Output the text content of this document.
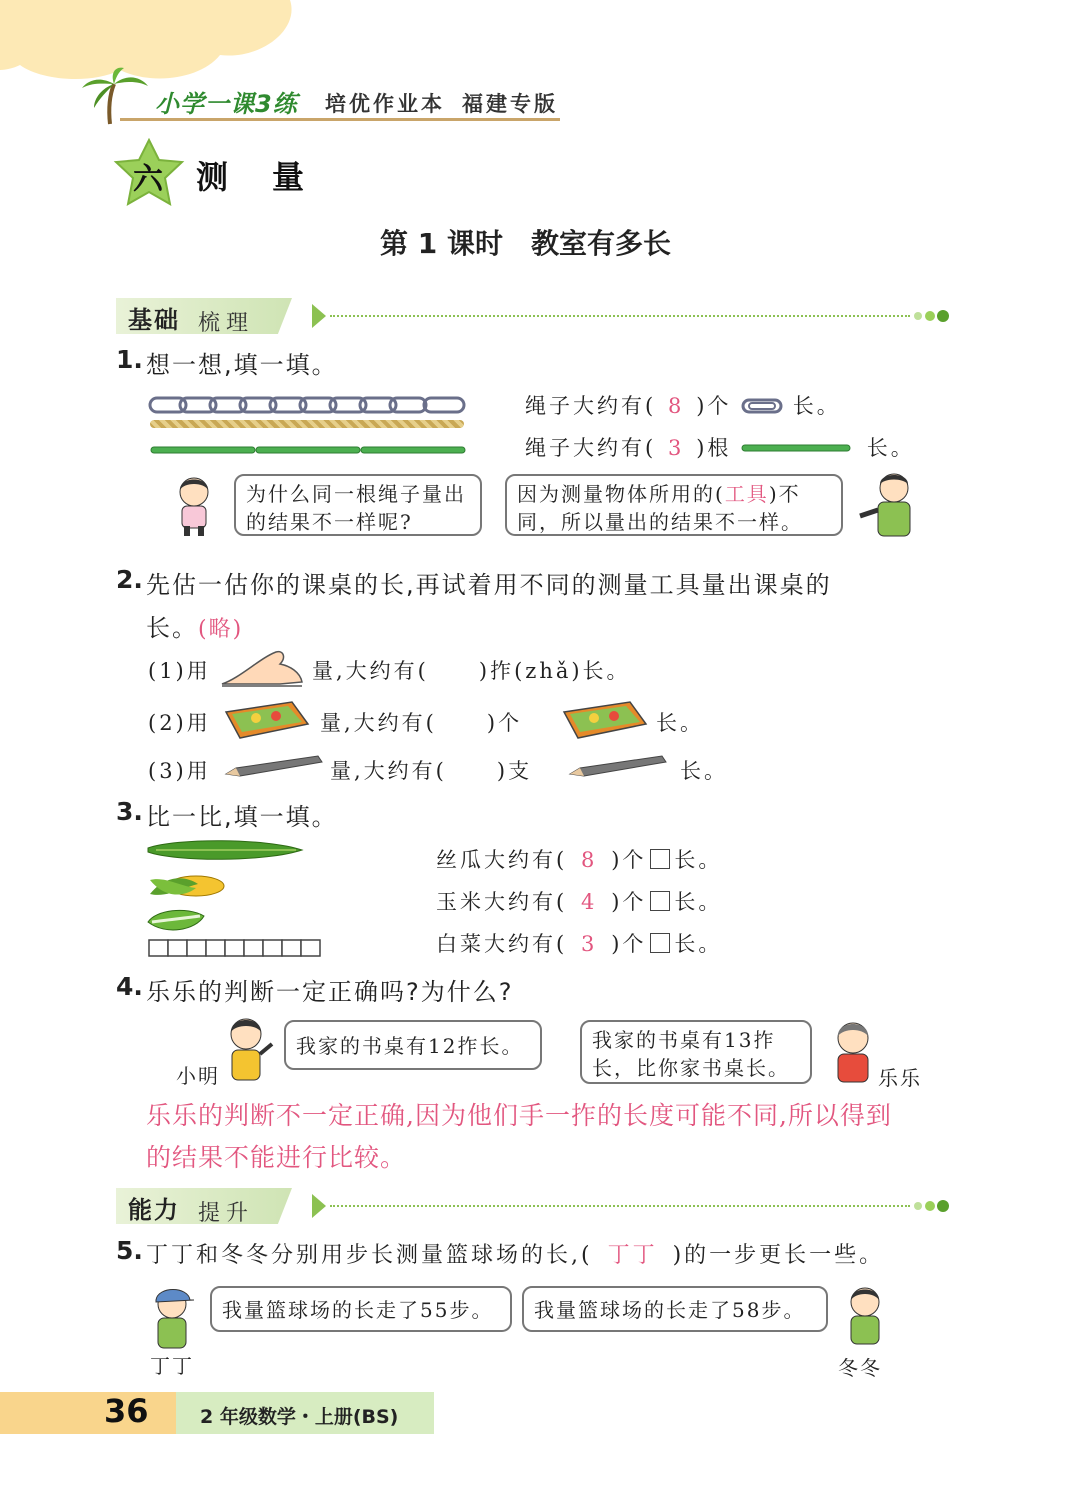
小学一课3练 培优作业本 福建专版
六 测　量
第 1 课时　教室有多长
基础 梳理
1. 想一想,填一填。
绳子大约有( 8 )个	长。
绳子大约有( 3 )根	长。
为什么同一根绳子量出的结果不一样呢?
因为测量物体所用的(工具)不同，所以量出的结果不一样。
2. 先估一估你的课桌的长,再试着用不同的测量工具量出课桌的
长。(略)
(1)用	量,大约有( )拃(zhǎ)长。
(2)用	量,大约有( )个	长。
(3)用	量,大约有( )支	长。
3. 比一比,填一填。
丝瓜大约有( 8 )个 长。
玉米大约有( 4 )个 长。
白菜大约有( 3 )个 长。
4. 乐乐的判断一定正确吗?为什么?
小明
我家的书桌有12拃长。	我家的书桌有13拃长，比你家书桌长。	乐乐
乐乐的判断不一定正确,因为他们手一拃的长度可能不同,所以得到
的结果不能进行比较。
能力 提升
5. 丁丁和冬冬分别用步长测量篮球场的长,( 丁丁 )的一步更长一些。
丁丁
我量篮球场的长走了55步。	我量篮球场的长走了58步。
冬冬
36	2 年级数学・上册(BS)
